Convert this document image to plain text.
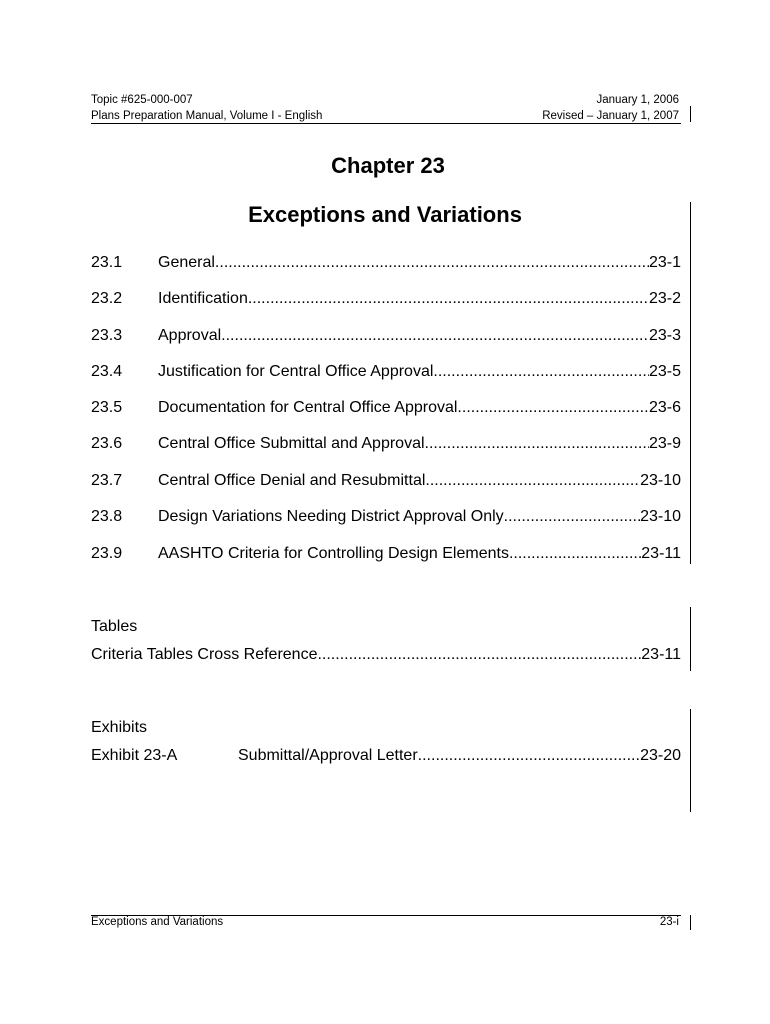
Topic #625-000-007
Plans Preparation Manual, Volume I - English
January 1, 2006
Revised – January 1, 2007
Chapter 23
Exceptions and Variations
23.1 General .....	23-1
23.2 Identification .....	23-2
23.3 Approval .....	23-3
23.4 Justification for Central Office Approval .....	23-5
23.5 Documentation for Central Office Approval .....	23-6
23.6 Central Office Submittal and Approval .....	23-9
23.7 Central Office Denial and Resubmittal .....	23-10
23.8 Design Variations Needing District Approval Only .....	23-10
23.9 AASHTO Criteria for Controlling Design Elements .....	23-11
Tables
Criteria Tables Cross Reference .....	23-11
Exhibits
Exhibit 23-A	Submittal/Approval Letter .....	23-20
Exceptions and Variations	23-i
